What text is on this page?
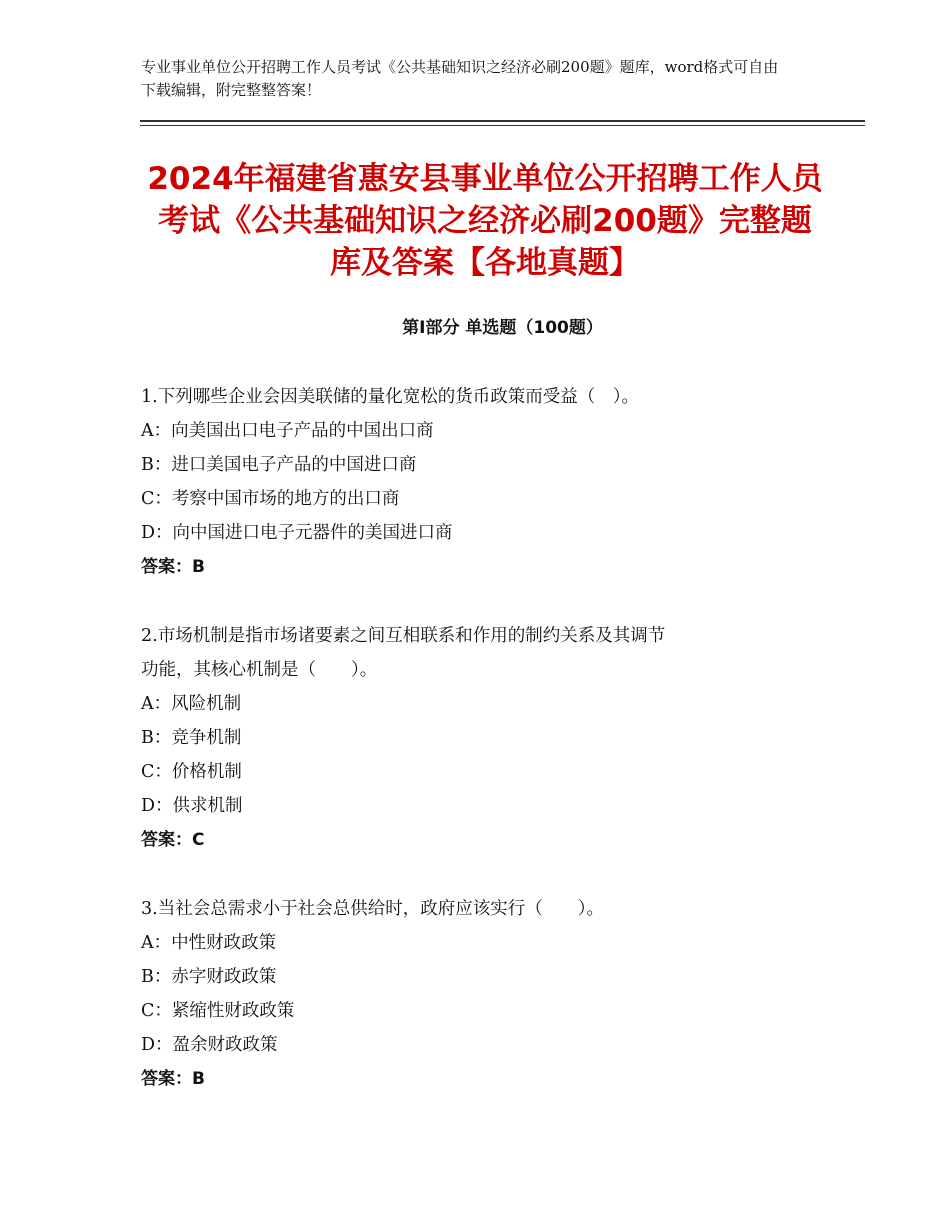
专业事业单位公开招聘工作人员考试《公共基础知识之经济必刷200题》题库，word格式可自由下载编辑，附完整整答案！
2024年福建省惠安县事业单位公开招聘工作人员考试《公共基础知识之经济必刷200题》完整题库及答案【各地真题】
第Ⅰ部分 单选题（100题）

1.下列哪些企业会因美联储的量化宽松的货币政策而受益（　）。

A：向美国出口电子产品的中国出口商

B：进口美国电子产品的中国进口商

C：考察中国市场的地方的出口商

D：向中国进口电子元器件的美国进口商

答案：B

2.市场机制是指市场诸要素之间互相联系和作用的制约关系及其调节

功能，其核心机制是（　　）。

A：风险机制

B：竞争机制

C：价格机制

D：供求机制

答案：C

3.当社会总需求小于社会总供给时，政府应该实行（　　）。

A：中性财政政策

B：赤字财政政策

C：紧缩性财政政策

D：盈余财政政策

答案：B
